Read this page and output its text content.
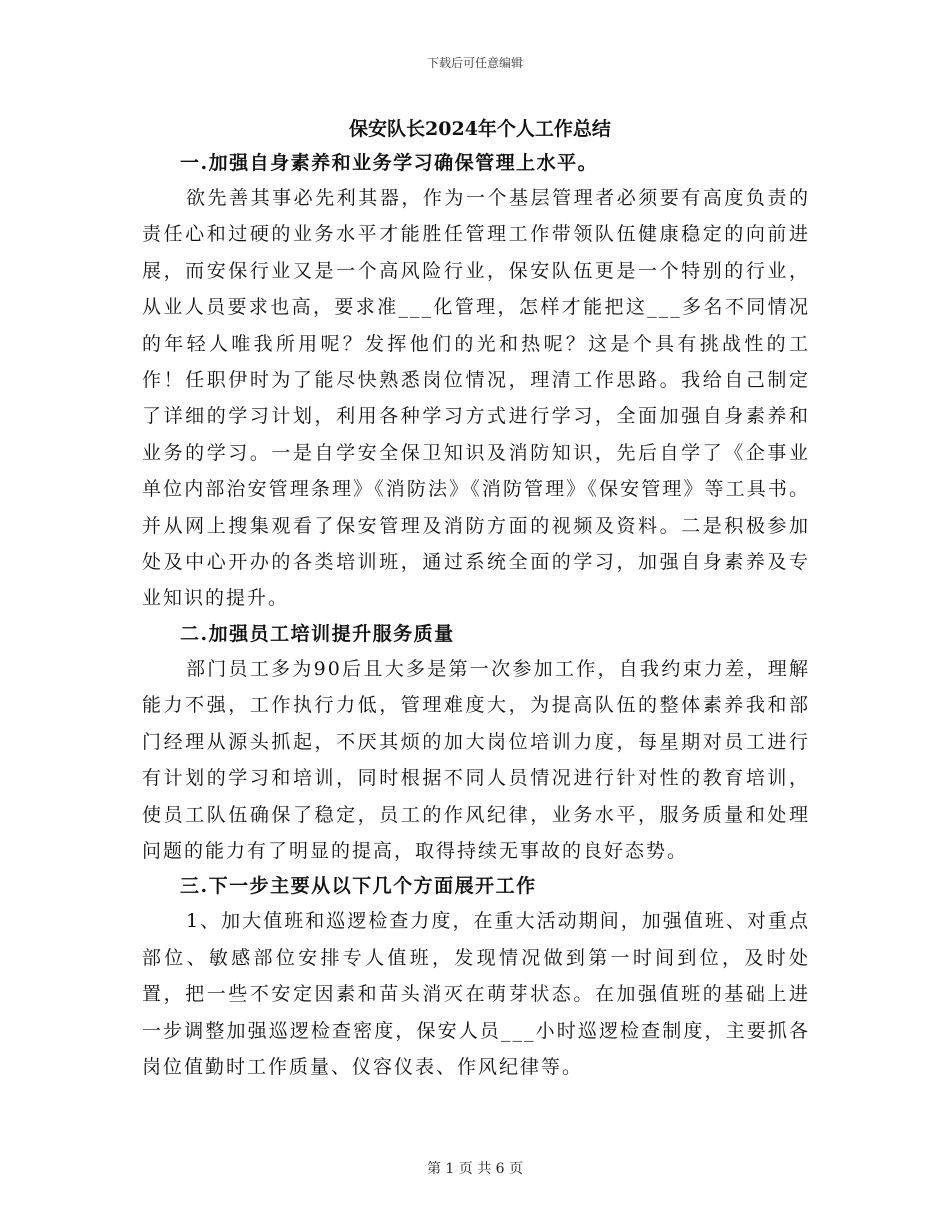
下载后可任意编辑
保安队长2024年个人工作总结
一.加强自身素养和业务学习确保管理上水平。

欲先善其事必先利其器，作为一个基层管理者必须要有高度负责的责任心和过硬的业务水平才能胜任管理工作带领队伍健康稳定的向前进展，而安保行业又是一个高风险行业，保安队伍更是一个特别的行业，从业人员要求也高，要求准___化管理，怎样才能把这___多名不同情况的年轻人唯我所用呢？发挥他们的光和热呢？这是个具有挑战性的工作！任职伊时为了能尽快熟悉岗位情况，理清工作思路。我给自己制定了详细的学习计划，利用各种学习方式进行学习，全面加强自身素养和业务的学习。一是自学安全保卫知识及消防知识，先后自学了《企事业单位内部治安管理条理》《消防法》《消防管理》《保安管理》等工具书。并从网上搜集观看了保安管理及消防方面的视频及资料。二是积极参加处及中心开办的各类培训班，通过系统全面的学习，加强自身素养及专业知识的提升。

二.加强员工培训提升服务质量

部门员工多为90后且大多是第一次参加工作，自我约束力差，理解能力不强，工作执行力低，管理难度大，为提高队伍的整体素养我和部门经理从源头抓起，不厌其烦的加大岗位培训力度，每星期对员工进行有计划的学习和培训，同时根据不同人员情况进行针对性的教育培训，使员工队伍确保了稳定，员工的作风纪律，业务水平，服务质量和处理问题的能力有了明显的提高，取得持续无事故的良好态势。

三.下一步主要从以下几个方面展开工作

1、加大值班和巡逻检查力度，在重大活动期间，加强值班、对重点部位、敏感部位安排专人值班，发现情况做到第一时间到位，及时处置，把一些不安定因素和苗头消灭在萌芽状态。在加强值班的基础上进一步调整加强巡逻检查密度，保安人员___小时巡逻检查制度，主要抓各岗位值勤时工作质量、仪容仪表、作风纪律等。

第 1 页 共 6 页
